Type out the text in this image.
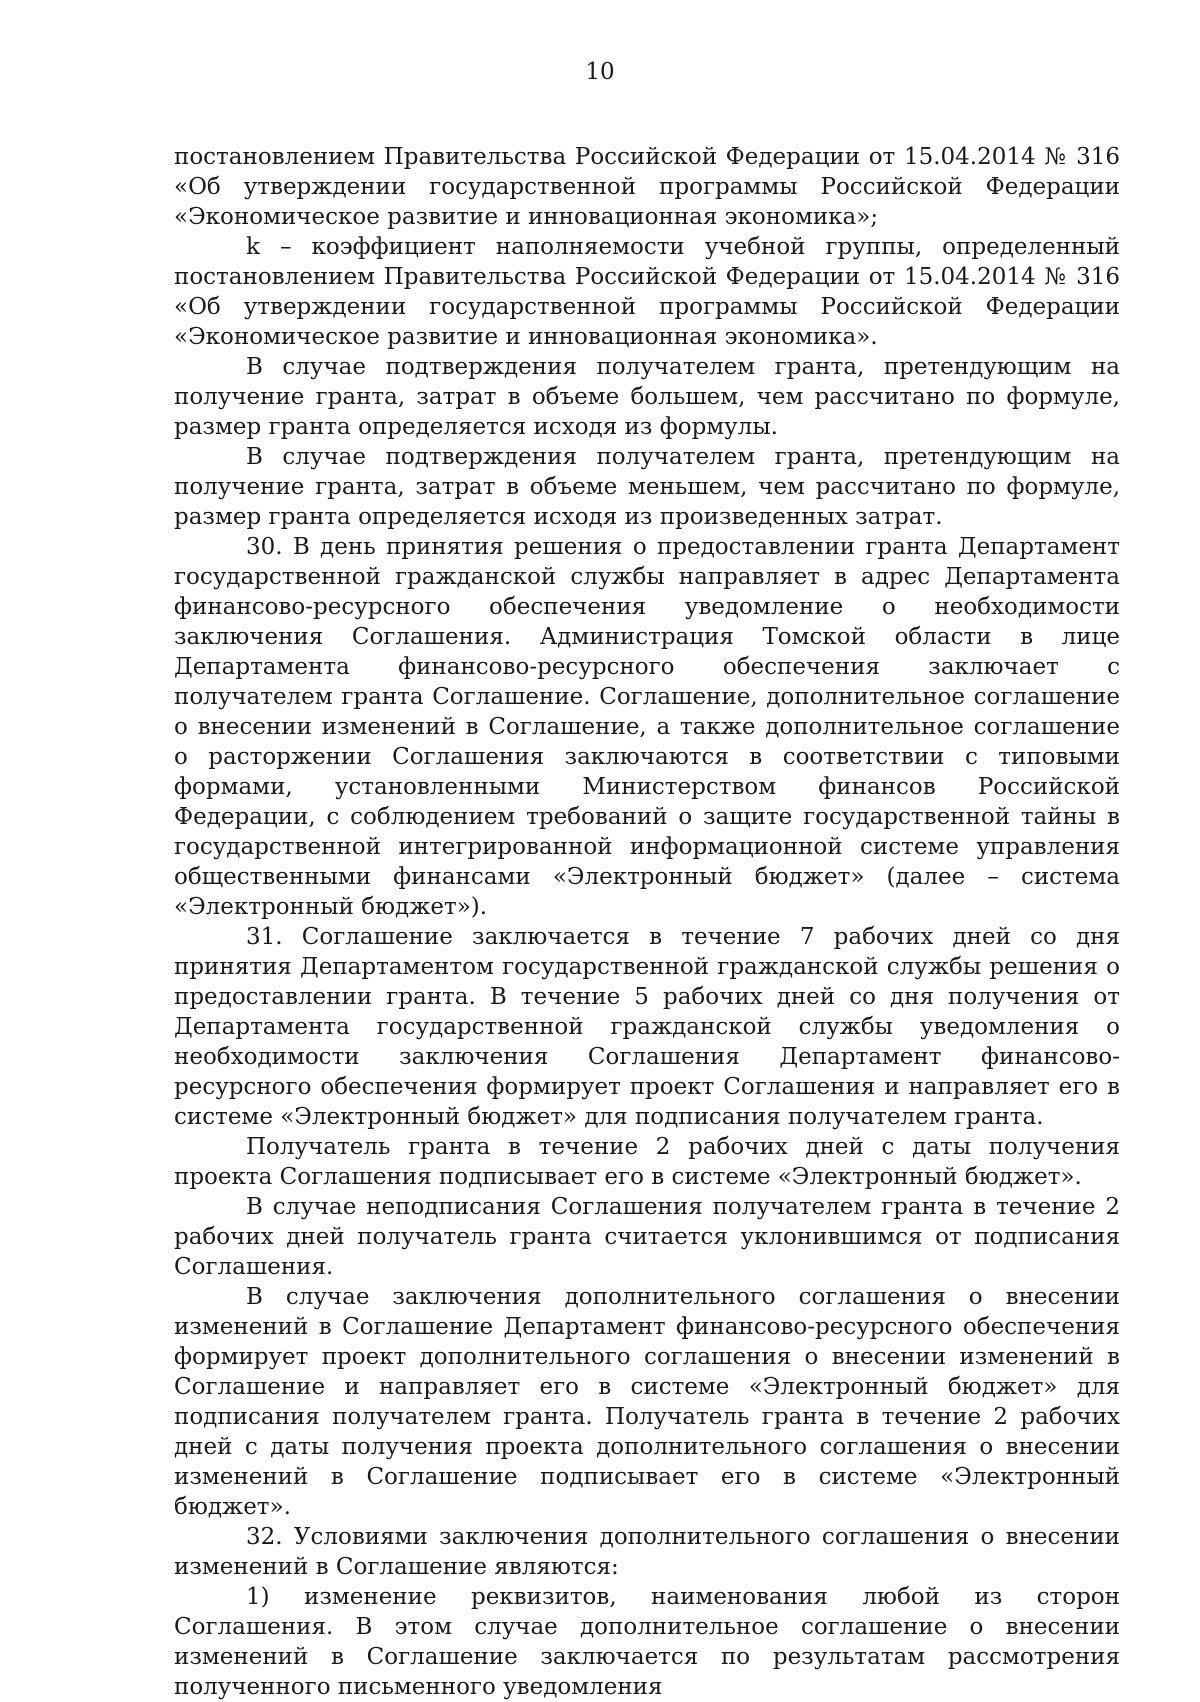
10

постановлением Правительства Российской Федерации от 15.04.2014 № 316 «Об утверждении государственной программы Российской Федерации «Экономическое развитие и инновационная экономика»;

k – коэффициент наполняемости учебной группы, определенный постановлением Правительства Российской Федерации от 15.04.2014 № 316 «Об утверждении государственной программы Российской Федерации «Экономическое развитие и инновационная экономика».

В случае подтверждения получателем гранта, претендующим на получение гранта, затрат в объеме большем, чем рассчитано по формуле, размер гранта определяется исходя из формулы.

В случае подтверждения получателем гранта, претендующим на получение гранта, затрат в объеме меньшем, чем рассчитано по формуле, размер гранта определяется исходя из произведенных затрат.

30. В день принятия решения о предоставлении гранта Департамент государственной гражданской службы направляет в адрес Департамента финансово-ресурсного обеспечения уведомление о необходимости заключения Соглашения. Администрация Томской области в лице Департамента финансово-ресурсного обеспечения заключает с получателем гранта Соглашение. Соглашение, дополнительное соглашение о внесении изменений в Соглашение, а также дополнительное соглашение о расторжении Соглашения заключаются в соответствии с типовыми формами, установленными Министерством финансов Российской Федерации, с соблюдением требований о защите государственной тайны в государственной интегрированной информационной системе управления общественными финансами «Электронный бюджет» (далее – система «Электронный бюджет»).

31. Соглашение заключается в течение 7 рабочих дней со дня принятия Департаментом государственной гражданской службы решения о предоставлении гранта. В течение 5 рабочих дней со дня получения от Департамента государственной гражданской службы уведомления о необходимости заключения Соглашения Департамент финансово-ресурсного обеспечения формирует проект Соглашения и направляет его в системе «Электронный бюджет» для подписания получателем гранта.

Получатель гранта в течение 2 рабочих дней с даты получения проекта Соглашения подписывает его в системе «Электронный бюджет».

В случае неподписания Соглашения получателем гранта в течение 2 рабочих дней получатель гранта считается уклонившимся от подписания Соглашения.

В случае заключения дополнительного соглашения о внесении изменений в Соглашение Департамент финансово-ресурсного обеспечения формирует проект дополнительного соглашения о внесении изменений в Соглашение и направляет его в системе «Электронный бюджет» для подписания получателем гранта. Получатель гранта в течение 2 рабочих дней с даты получения проекта дополнительного соглашения о внесении изменений в Соглашение подписывает его в системе «Электронный бюджет».

32. Условиями заключения дополнительного соглашения о внесении изменений в Соглашение являются:

1) изменение реквизитов, наименования любой из сторон Соглашения. В этом случае дополнительное соглашение о внесении изменений в Соглашение заключается по результатам рассмотрения полученного письменного уведомления
